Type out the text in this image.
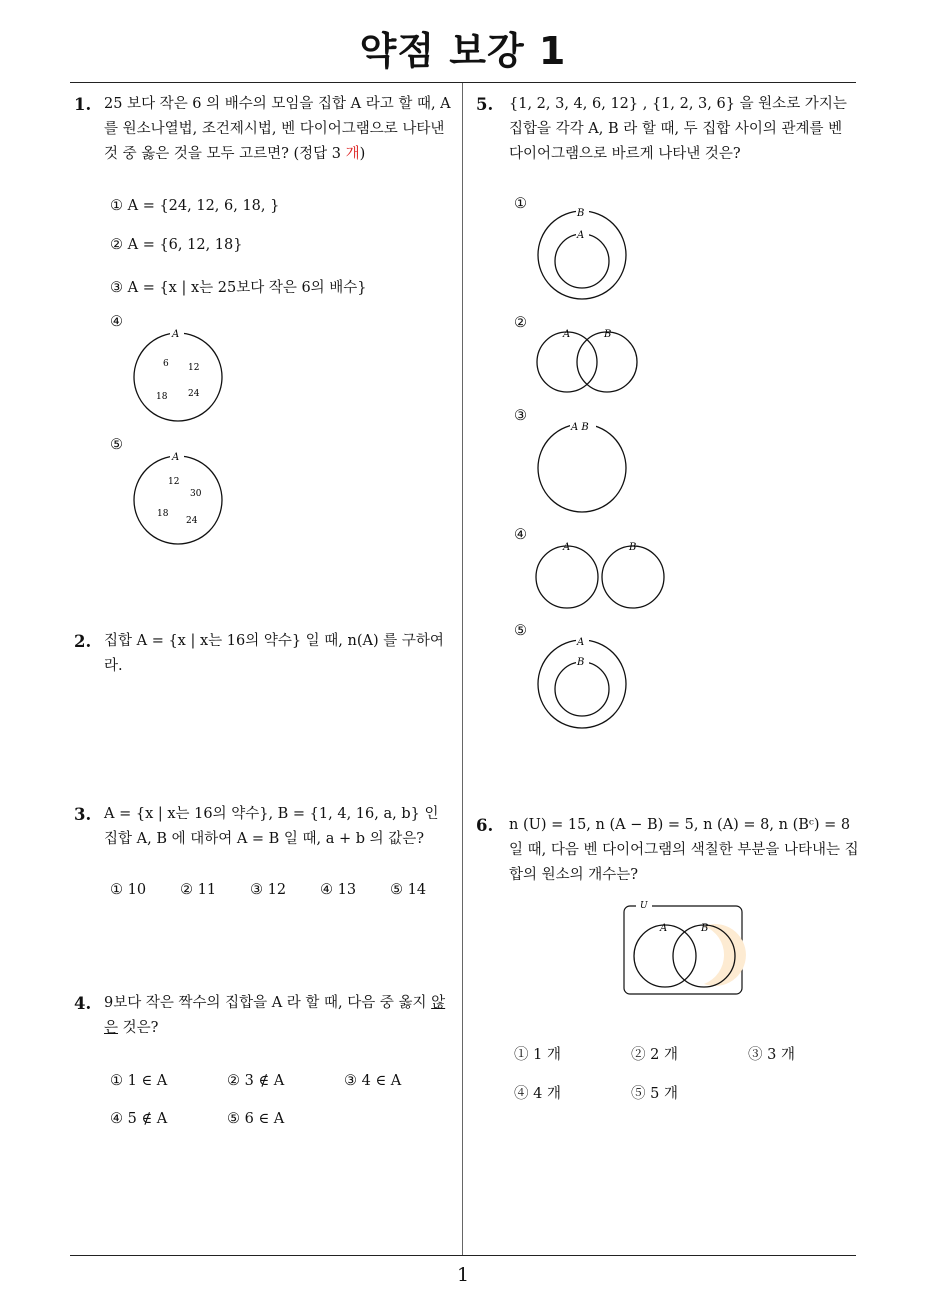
약점 보강 1
1
1. 25 보다 작은 6 의 배수의 모임을 집합 A 라고 할 때, A 를 원소나열법, 조건제시법, 벤 다이어그램으로 나타낸 것 중 옳은 것을 모두 고르면? (정답 3 개)
① A = {24, 12, 6, 18, }
② A = {6, 12, 18}
③ A = {x | x는 25보다 작은 6의 배수}
④
A
6 12
18 24
⑤
A
12
30
18
24
2. 집합 A = {x | x는 16의 약수} 일 때, n(A) 를 구하여라.
3. A = {x | x는 16의 약수}, B = {1, 4, 16, a, b} 인 집합 A, B 에 대하여 A = B 일 때, a + b 의 값은?
① 10 ② 11 ③ 12 ④ 13 ⑤ 14
4. 9보다 작은 짝수의 집합을 A 라 할 때, 다음 중 옳지 않은 것은?
① 1 ∈ A	② 3 ∉ A	③ 4 ∈ A
④ 5 ∉ A	⑤ 6 ∈ A
5. {1, 2, 3, 4, 6, 12} , {1, 2, 3, 6} 을 원소로 가지는 집합을 각각 A, B 라 할 때, 두 집합 사이의 관계를 벤 다이어그램으로 바르게 나타낸 것은?
①
B
A
②
A	B
③
A B
④
A	B
⑤
A
B
6. n (U) = 15, n (A − B) = 5, n (A) = 8, n (Bᶜ) = 8 일 때, 다음 벤 다이어그램의 색칠한 부분을 나타내는 집합의 원소의 개수는?
U
A	B
① 1 개	② 2 개	③ 3 개
④ 4 개	⑤ 5 개
